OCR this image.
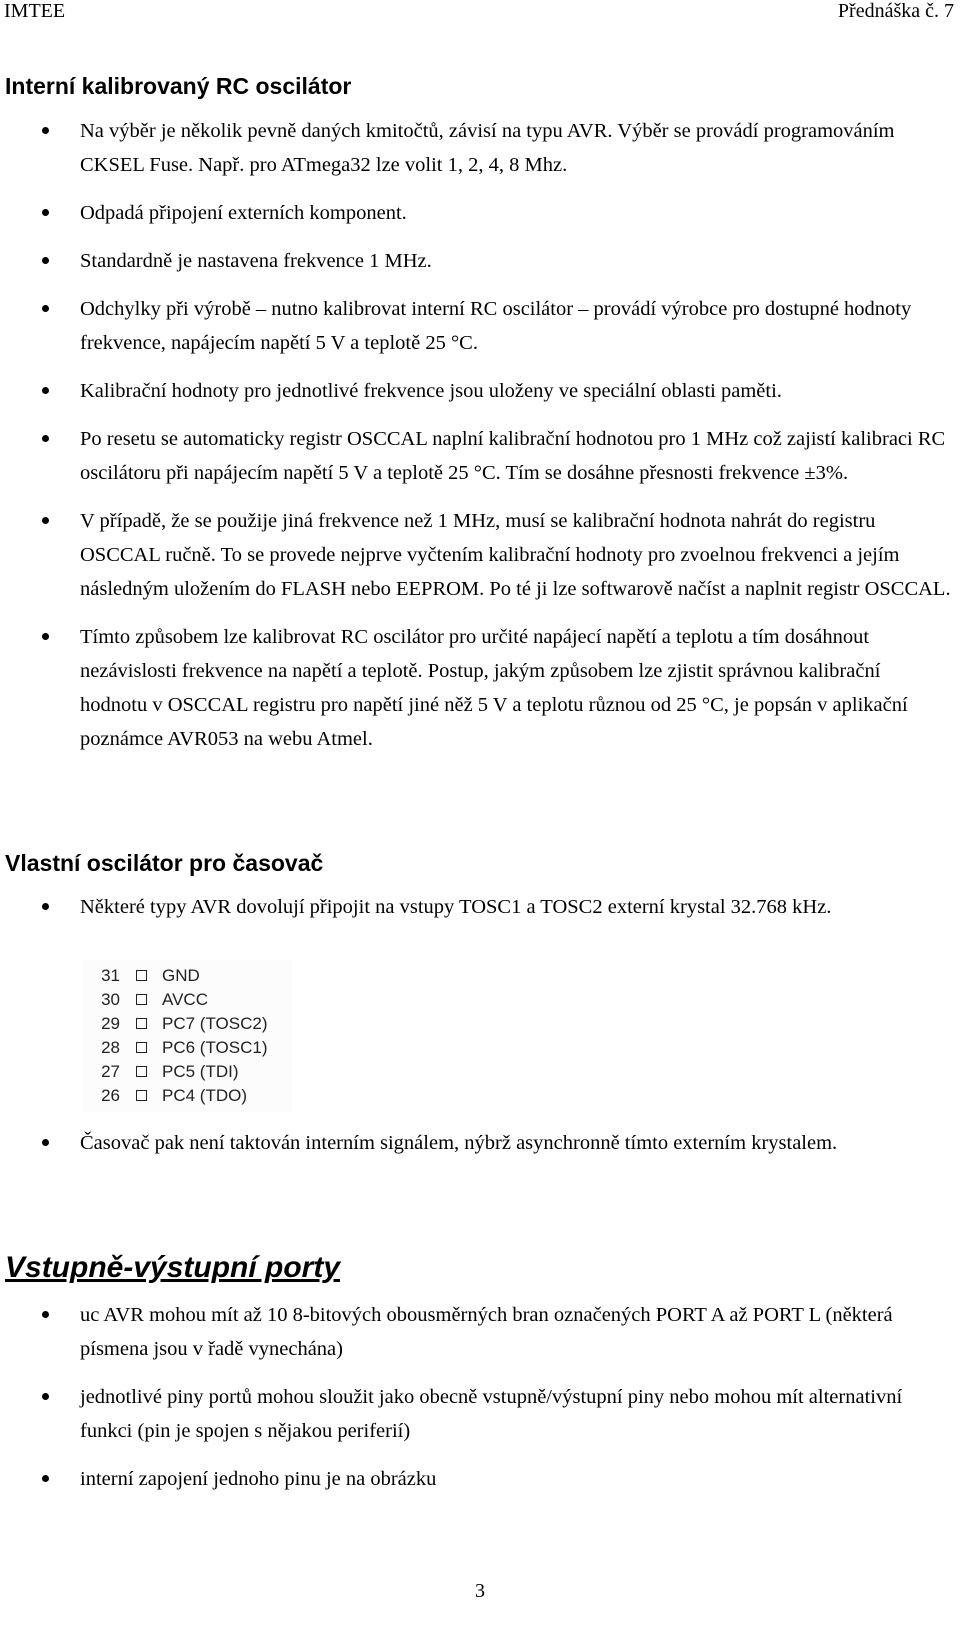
IMTEE	Přednáška č. 7
Interní kalibrovaný RC oscilátor
Na výběr je několik pevně daných kmitočtů, závisí na typu AVR. Výběr se provádí programováním CKSEL Fuse. Např. pro ATmega32 lze volit 1, 2, 4, 8 Mhz.
Odpadá připojení externích komponent.
Standardně je nastavena frekvence 1 MHz.
Odchylky při výrobě – nutno kalibrovat interní RC oscilátor – provádí výrobce pro dostupné hodnoty frekvence, napájecím napětí 5 V a teplotě 25 °C.
Kalibrační hodnoty pro jednotlivé frekvence jsou uloženy ve speciální oblasti paměti.
Po resetu se automaticky registr OSCCAL naplní kalibrační hodnotou pro 1 MHz což zajistí kalibraci RC oscilátoru při napájecím napětí 5 V a teplotě 25 °C. Tím se dosáhne přesnosti frekvence ±3%.
V případě, že se použije jiná frekvence než 1 MHz, musí se kalibrační hodnota nahrát do registru OSCCAL ručně. To se provede nejprve vyčtením kalibrační hodnoty pro zvoelnou frekvenci a jejím následným uložením do FLASH nebo EEPROM. Po té ji lze softwarově načíst a naplnit registr OSCCAL.
Tímto způsobem lze kalibrovat RC oscilátor pro určité napájecí napětí a teplotu a tím dosáhnout nezávislosti frekvence na napětí a teplotě. Postup, jakým způsobem lze zjistit správnou kalibrační hodnotu v OSCCAL registru pro napětí jiné něž 5 V a teplotu různou od 25 °C, je popsán v aplikační poznámce AVR053 na webu Atmel.
Vlastní oscilátor pro časovač
Některé typy AVR dovolují připojit na vstupy TOSC1 a TOSC2 externí krystal 32.768 kHz.
31 GND
30 AVCC
29 PC7 (TOSC2)
28 PC6 (TOSC1)
27 PC5 (TDI)
26 PC4 (TDO)
Časovač pak není taktován interním signálem, nýbrž asynchronně tímto externím krystalem.
Vstupně-výstupní porty
uc AVR mohou mít až 10 8-bitových obousměrných bran označených PORT A až PORT L (některá písmena jsou v řadě vynechána)
jednotlivé piny portů mohou sloužit jako obecně vstupně/výstupní piny nebo mohou mít alternativní funkci (pin je spojen s nějakou periferií)
interní zapojení jednoho pinu je na obrázku
3
